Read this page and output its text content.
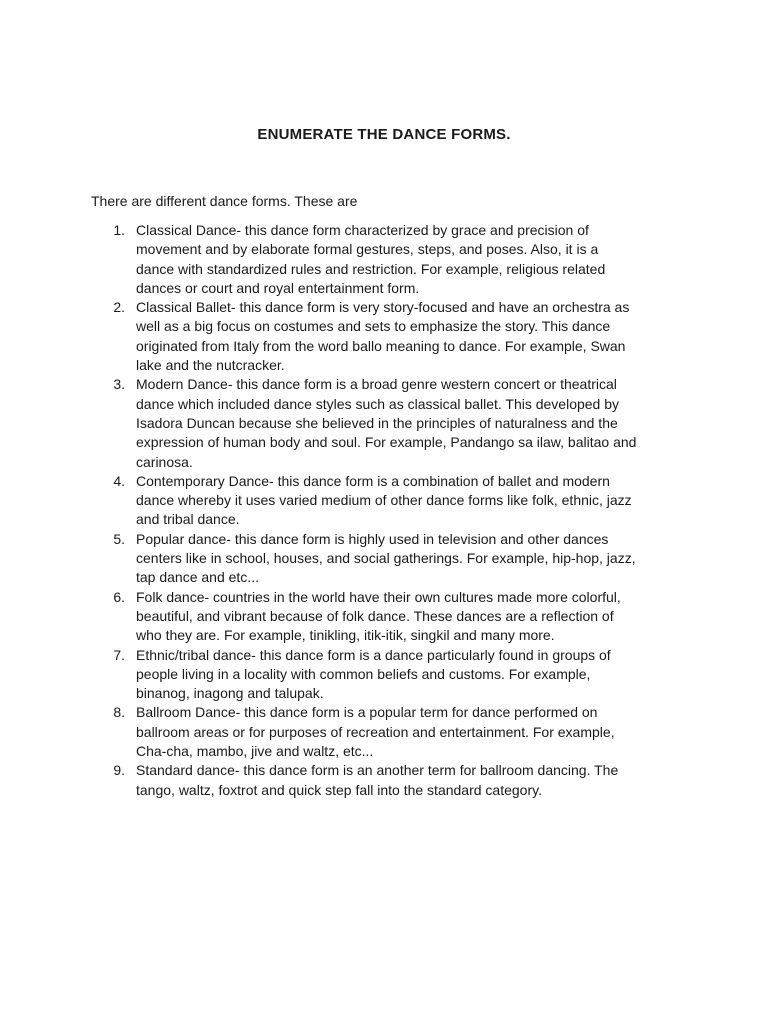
ENUMERATE THE DANCE FORMS.

There are different dance forms. These are

1. Classical Dance- this dance form characterized by grace and precision of
movement and by elaborate formal gestures, steps, and poses. Also, it is a
dance with standardized rules and restriction. For example, religious related
dances or court and royal entertainment form.
2. Classical Ballet- this dance form is very story-focused and have an orchestra as
well as a big focus on costumes and sets to emphasize the story. This dance
originated from Italy from the word ballo meaning to dance. For example, Swan
lake and the nutcracker.
3. Modern Dance- this dance form is a broad genre western concert or theatrical
dance which included dance styles such as classical ballet. This developed by
Isadora Duncan because she believed in the principles of naturalness and the
expression of human body and soul. For example, Pandango sa ilaw, balitao and
carinosa.
4. Contemporary Dance- this dance form is a combination of ballet and modern
dance whereby it uses varied medium of other dance forms like folk, ethnic, jazz
and tribal dance.
5. Popular dance- this dance form is highly used in television and other dances
centers like in school, houses, and social gatherings. For example, hip-hop, jazz,
tap dance and etc...
6. Folk dance- countries in the world have their own cultures made more colorful,
beautiful, and vibrant because of folk dance. These dances are a reflection of
who they are. For example, tinikling, itik-itik, singkil and many more.
7. Ethnic/tribal dance- this dance form is a dance particularly found in groups of
people living in a locality with common beliefs and customs. For example,
binanog, inagong and talupak.
8. Ballroom Dance- this dance form is a popular term for dance performed on
ballroom areas or for purposes of recreation and entertainment. For example,
Cha-cha, mambo, jive and waltz, etc...
9. Standard dance- this dance form is an another term for ballroom dancing. The
tango, waltz, foxtrot and quick step fall into the standard category.
